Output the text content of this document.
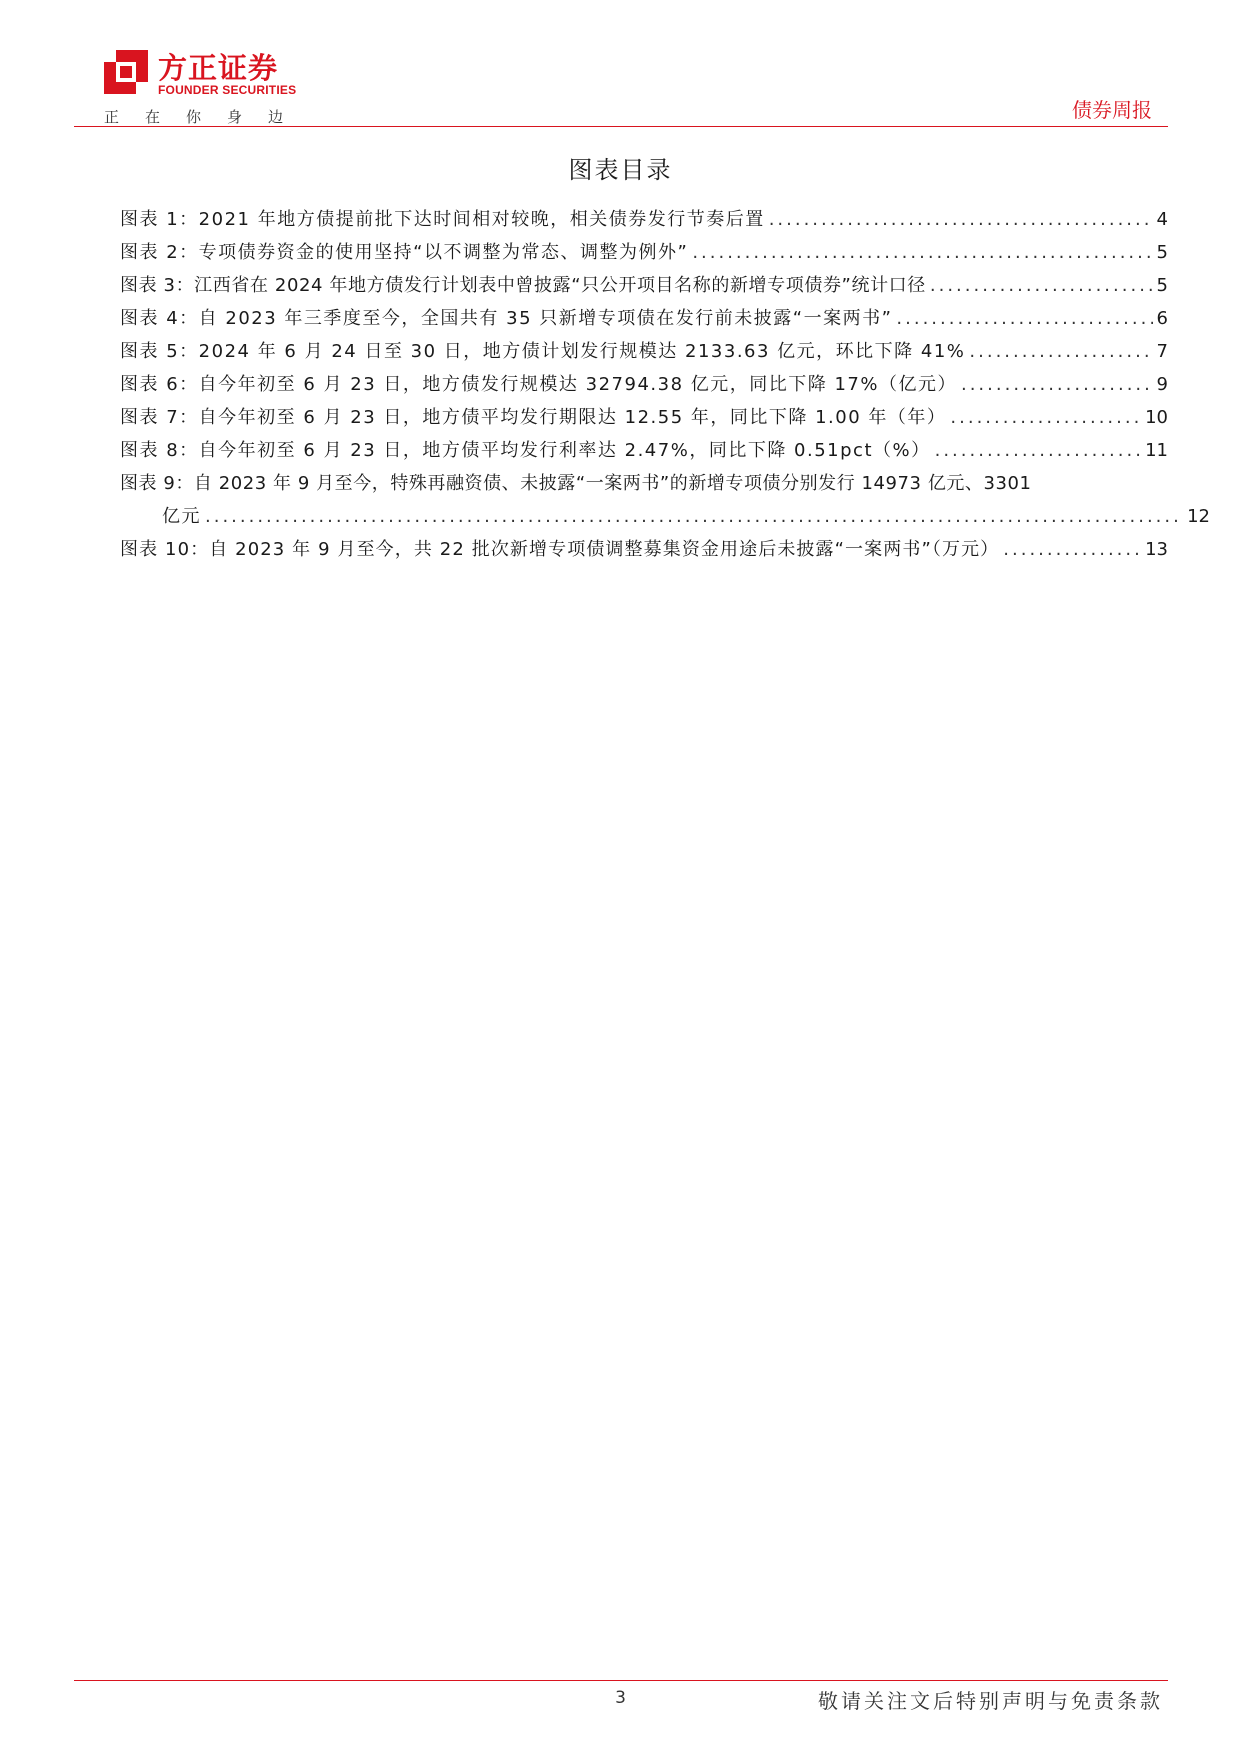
方正证券
FOUNDER SECURITIES
正在你身边	债券周报
图表目录
图表 1：2021 年地方债提前批下达时间相对较晚，相关债券发行节奏后置 .....	4
图表 2：专项债券资金的使用坚持“以不调整为常态、调整为例外” .....	5
图表 3：江西省在 2024 年地方债发行计划表中曾披露“只公开项目名称的新增专项债券”统计口径 .....	5
图表 4：自 2023 年三季度至今，全国共有 35 只新增专项债在发行前未披露“一案两书” .....	6
图表 5：2024 年 6 月 24 日至 30 日，地方债计划发行规模达 2133.63 亿元，环比下降 41% .....	7
图表 6：自今年初至 6 月 23 日，地方债发行规模达 32794.38 亿元，同比下降 17%（亿元） .....	9
图表 7：自今年初至 6 月 23 日，地方债平均发行期限达 12.55 年，同比下降 1.00 年（年） .....	10
图表 8：自今年初至 6 月 23 日，地方债平均发行利率达 2.47%，同比下降 0.51pct（%） .....	11
图表 9：自 2023 年 9 月至今，特殊再融资债、未披露“一案两书”的新增专项债分别发行 14973 亿元、3301
亿元 .....	12
图表 10：自 2023 年 9 月至今，共 22 批次新增专项债调整募集资金用途后未披露“一案两书”（万元） .....	13
3	敬请关注文后特别声明与免责条款
